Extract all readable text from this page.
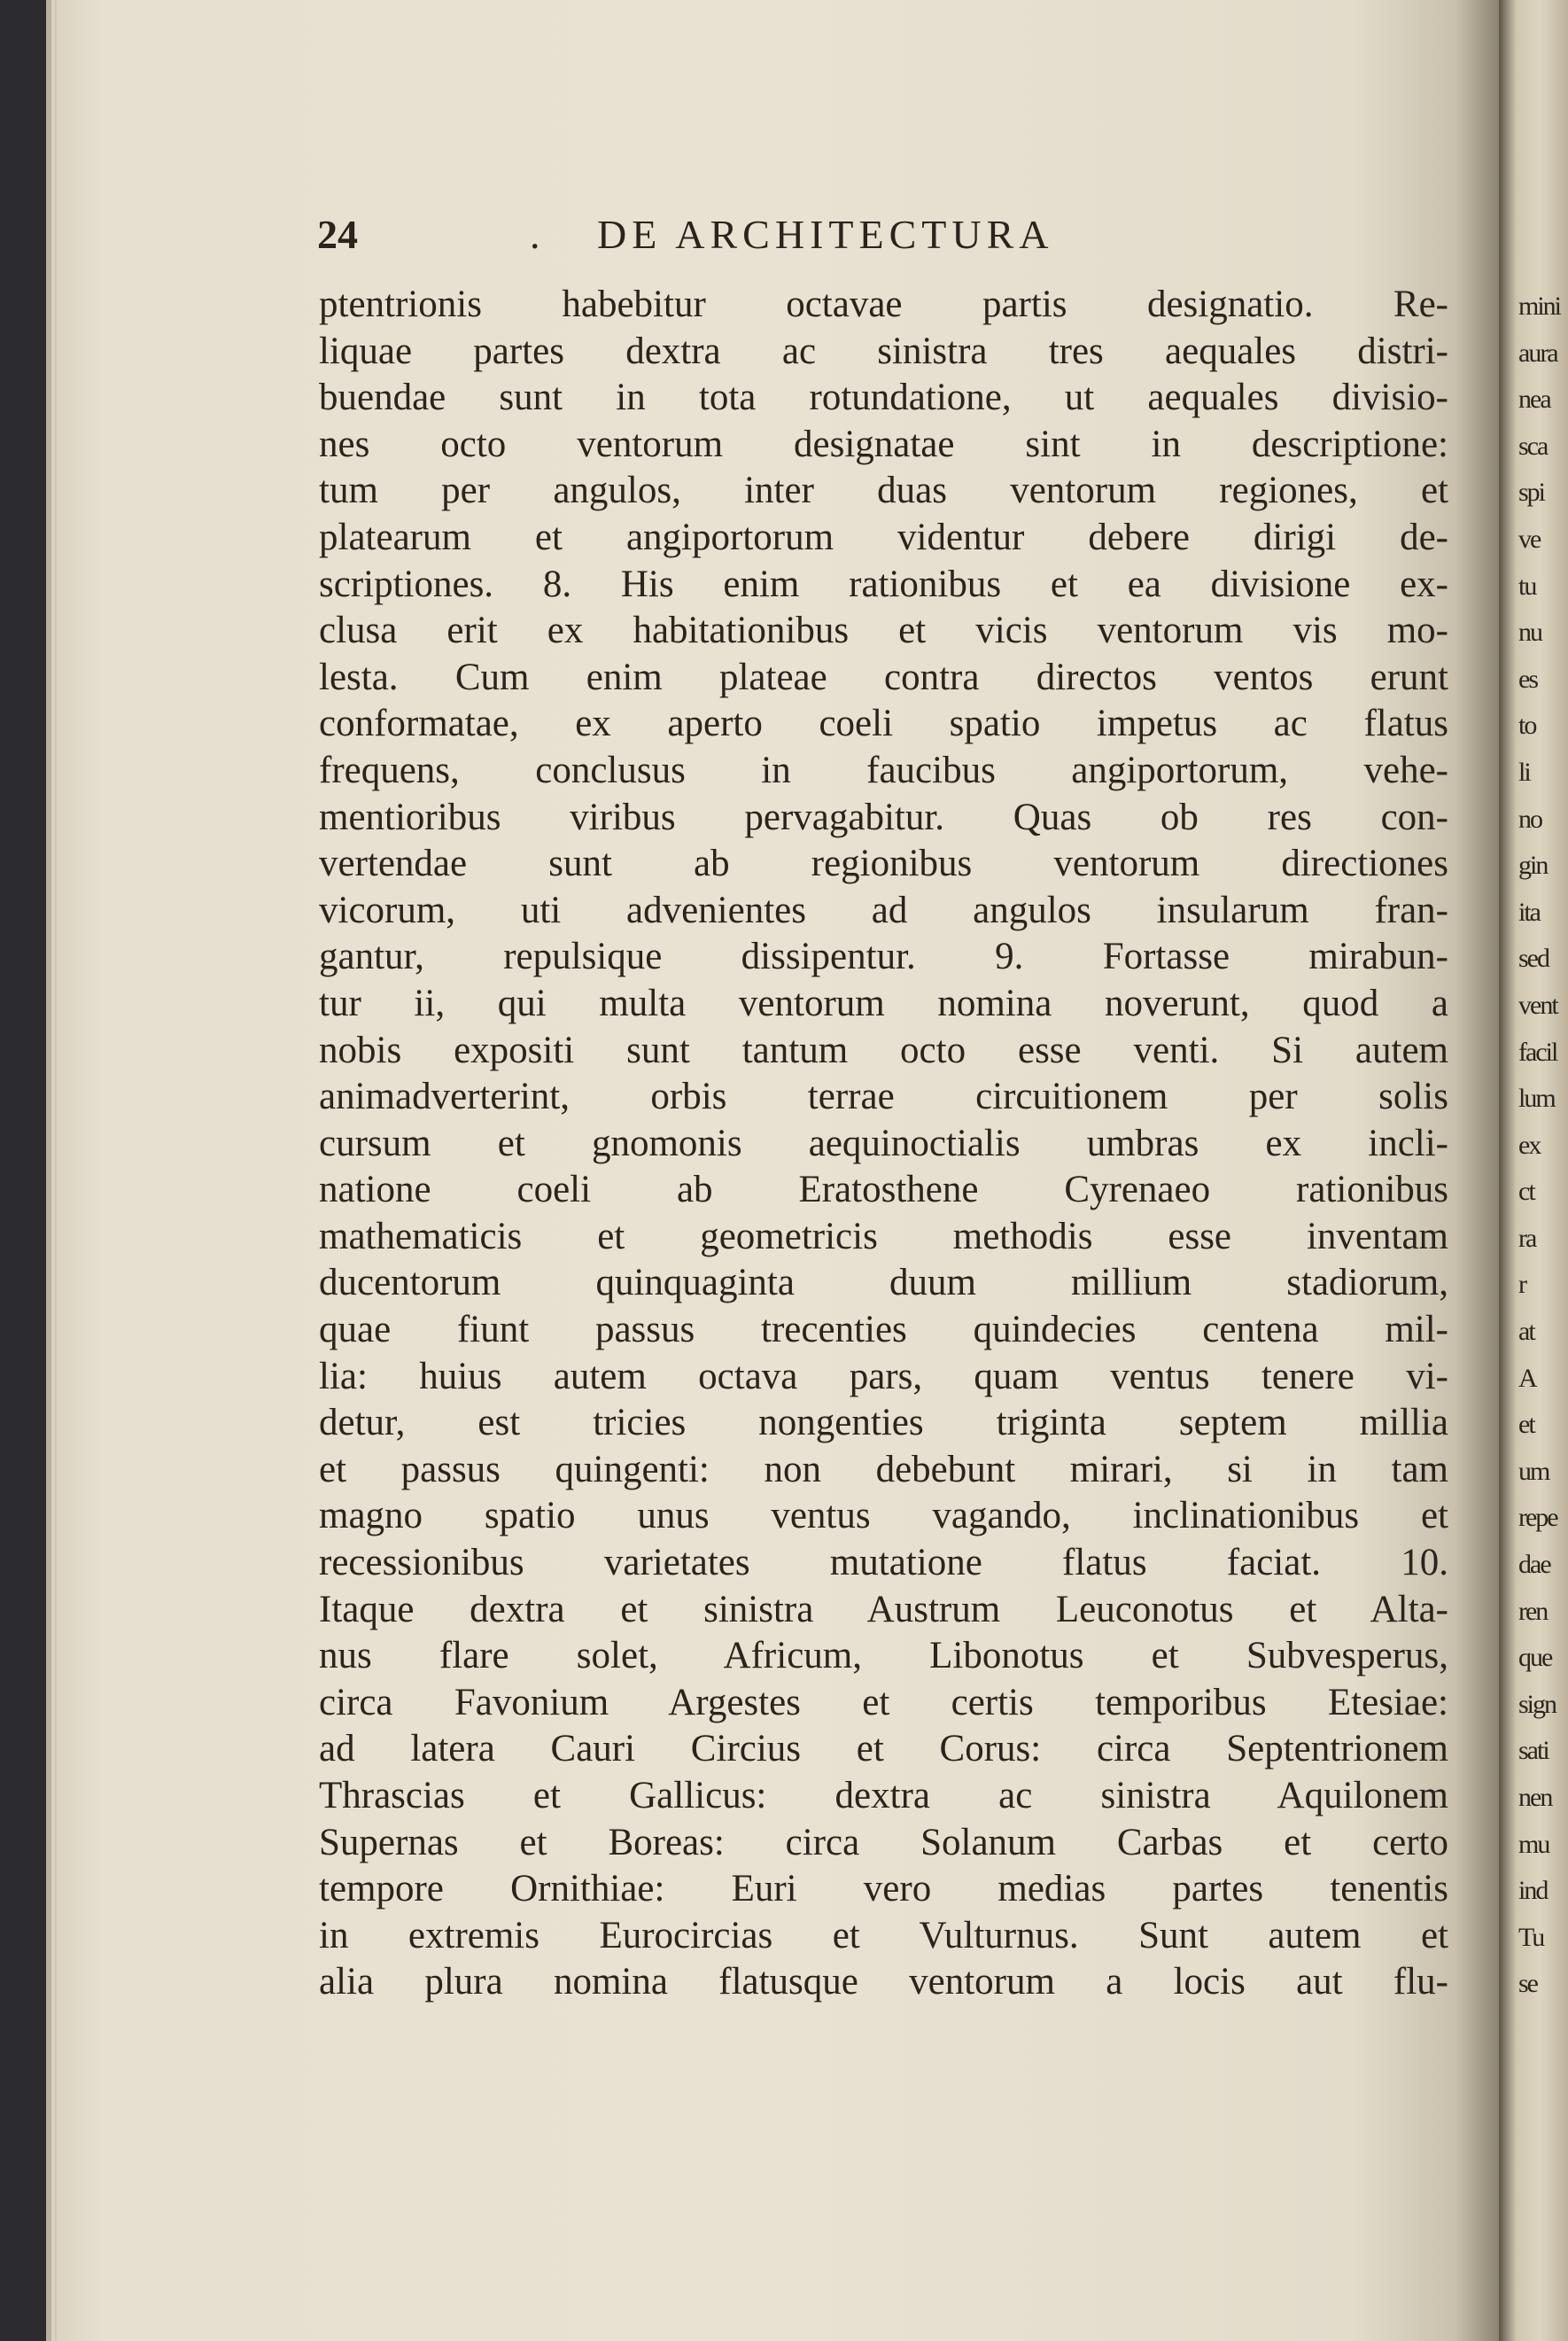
24	. DE ARCHITECTURA
ptentrionis habebitur octavae partis designatio. Re-
liquae partes dextra ac sinistra tres aequales distri-
buendae sunt in tota rotundatione, ut aequales divisio-
nes octo ventorum designatae sint in descriptione:
tum per angulos, inter duas ventorum regiones, et
platearum et angiportorum videntur debere dirigi de-
scriptiones. 8. His enim rationibus et ea divisione ex-
clusa erit ex habitationibus et vicis ventorum vis mo-
lesta. Cum enim plateae contra directos ventos erunt
conformatae, ex aperto coeli spatio impetus ac flatus
frequens, conclusus in faucibus angiportorum, vehe-
mentioribus viribus pervagabitur. Quas ob res con-
vertendae sunt ab regionibus ventorum directiones
vicorum, uti advenientes ad angulos insularum fran-
gantur, repulsique dissipentur. 9. Fortasse mirabun-
tur ii, qui multa ventorum nomina noverunt, quod a
nobis expositi sunt tantum octo esse venti. Si autem
animadverterint, orbis terrae circuitionem per solis
cursum et gnomonis aequinoctialis umbras ex incli-
natione coeli ab Eratosthene Cyrenaeo rationibus
mathematicis et geometricis methodis esse inventam
ducentorum quinquaginta duum millium stadiorum,
quae fiunt passus trecenties quindecies centena mil-
lia: huius autem octava pars, quam ventus tenere vi-
detur, est tricies nongenties triginta septem millia
et passus quingenti: non debebunt mirari, si in tam
magno spatio unus ventus vagando, inclinationibus et
recessionibus varietates mutatione flatus faciat. 10.
Itaque dextra et sinistra Austrum Leuconotus et Alta-
nus flare solet, Africum, Libonotus et Subvesperus,
circa Favonium Argestes et certis temporibus Etesiae:
ad latera Cauri Circius et Corus: circa Septentrionem
Thrascias et Gallicus: dextra ac sinistra Aquilonem
Supernas et Boreas: circa Solanum Carbas et certo
tempore Ornithiae: Euri vero medias partes tenentis
in extremis Eurocircias et Vulturnus. Sunt autem et
alia plura nomina flatusque ventorum a locis aut flu-
mini
aura
nea
sca
spi
ve
tu
nu
es
to
li
no
gin
ita
sed
vent
facil
lum
ex
ct
ra
r
at
A
et
um
repe
dae
ren
que
sign
sati
nen
mu
ind
Tu
se
